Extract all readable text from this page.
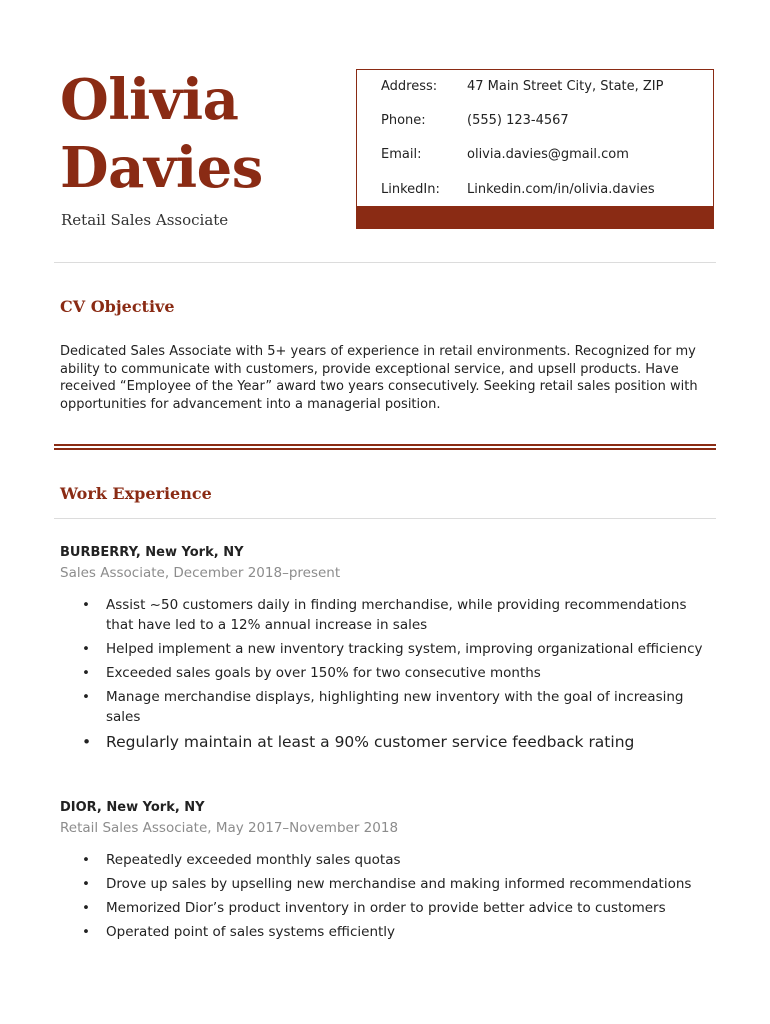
Olivia
Davies
Retail Sales Associate
Address: 47 Main Street City, State, ZIP
Phone:	(555) 123-4567
Email:	olivia.davies@gmail.com
LinkedIn: Linkedin.com/in/olivia.davies
CV Objective

Dedicated Sales Associate with 5+ years of experience in retail environments. Recognized for my ability to communicate with customers, provide exceptional service, and upsell products. Have received “Employee of the Year” award two years consecutively. Seeking retail sales position with opportunities for advancement into a managerial position.

Work Experience
BURBERRY, New York, NY
Sales Associate, December 2018–present
• Assist ~50 customers daily in finding merchandise, while providing recommendations that have led to a 12% annual increase in sales
• Helped implement a new inventory tracking system, improving organizational efficiency
• Exceeded sales goals by over 150% for two consecutive months
• Manage merchandise displays, highlighting new inventory with the goal of increasing sales
• Regularly maintain at least a 90% customer service feedback rating
DIOR, New York, NY
Retail Sales Associate, May 2017–November 2018
• Repeatedly exceeded monthly sales quotas
• Drove up sales by upselling new merchandise and making informed recommendations
• Memorized Dior’s product inventory in order to provide better advice to customers
• Operated point of sales systems efficiently
